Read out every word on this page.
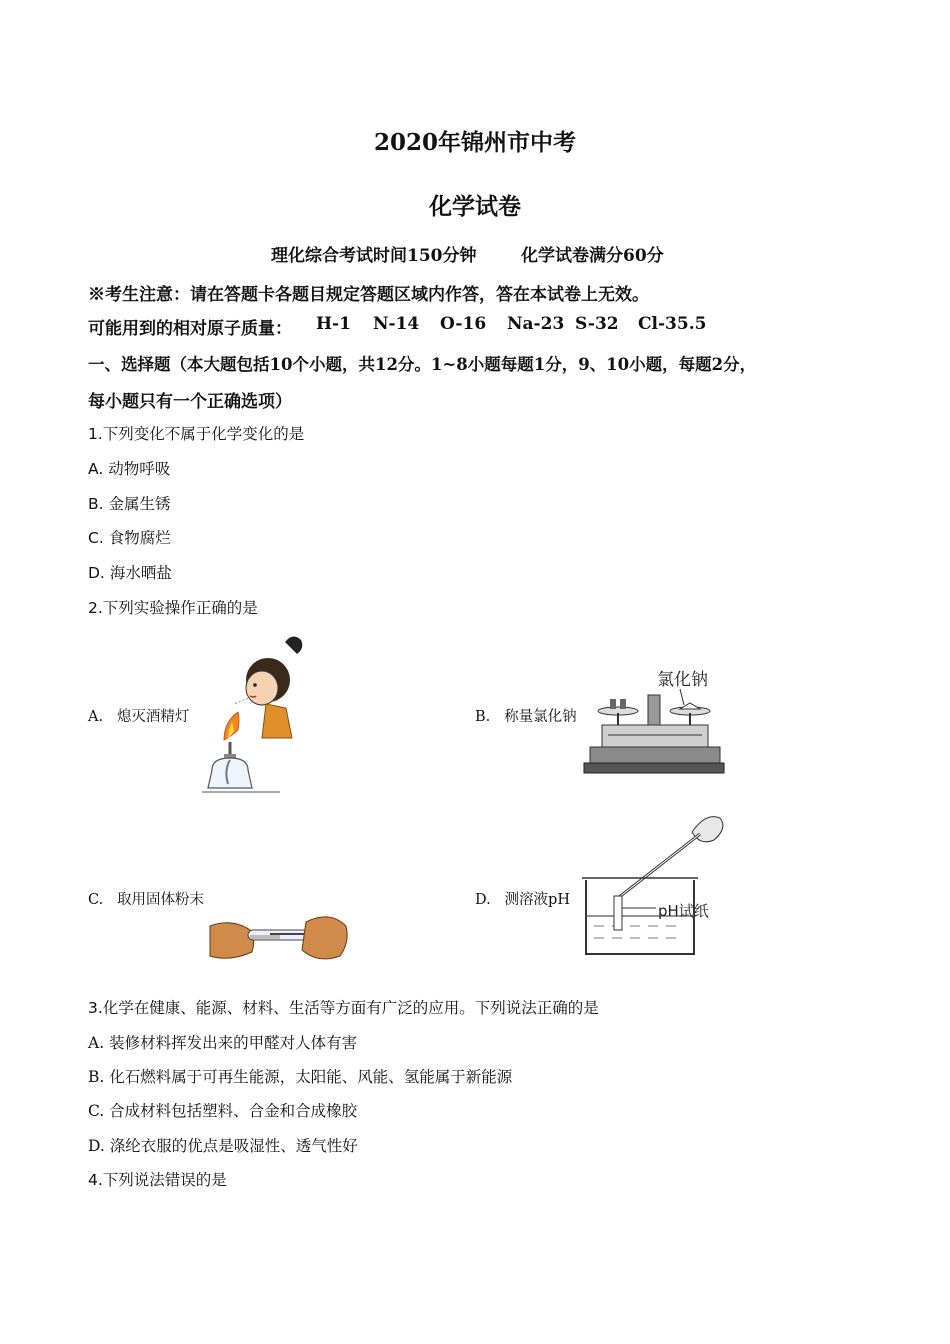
2020年锦州市中考
化学试卷
理化综合考试时间150分钟	化学试卷满分60分
※考生注意：请在答题卡各题目规定答题区域内作答，答在本试卷上无效。
可能用到的相对原子质量： H-1 N-14 O-16 Na-23 S-32 Cl-35.5
一、选择题（本大题包括10个小题，共12分。1~8小题每题1分，9、10小题，每题2分，
每小题只有一个正确选项）
1.下列变化不属于化学变化的是
A. 动物呼吸
B. 金属生锈
C. 食物腐烂
D. 海水晒盐
2.下列实验操作正确的是
A. 熄灭酒精灯	B. 称量氯化钠
C. 取用固体粉末	D. 测溶液pH
氯化钠
pH试纸
3.化学在健康、能源、材料、生活等方面有广泛的应用。下列说法正确的是
A. 装修材料挥发出来的甲醛对人体有害
B. 化石燃料属于可再生能源，太阳能、风能、氢能属于新能源
C. 合成材料包括塑料、合金和合成橡胶
D. 涤纶衣服的优点是吸湿性、透气性好
4.下列说法错误的是
